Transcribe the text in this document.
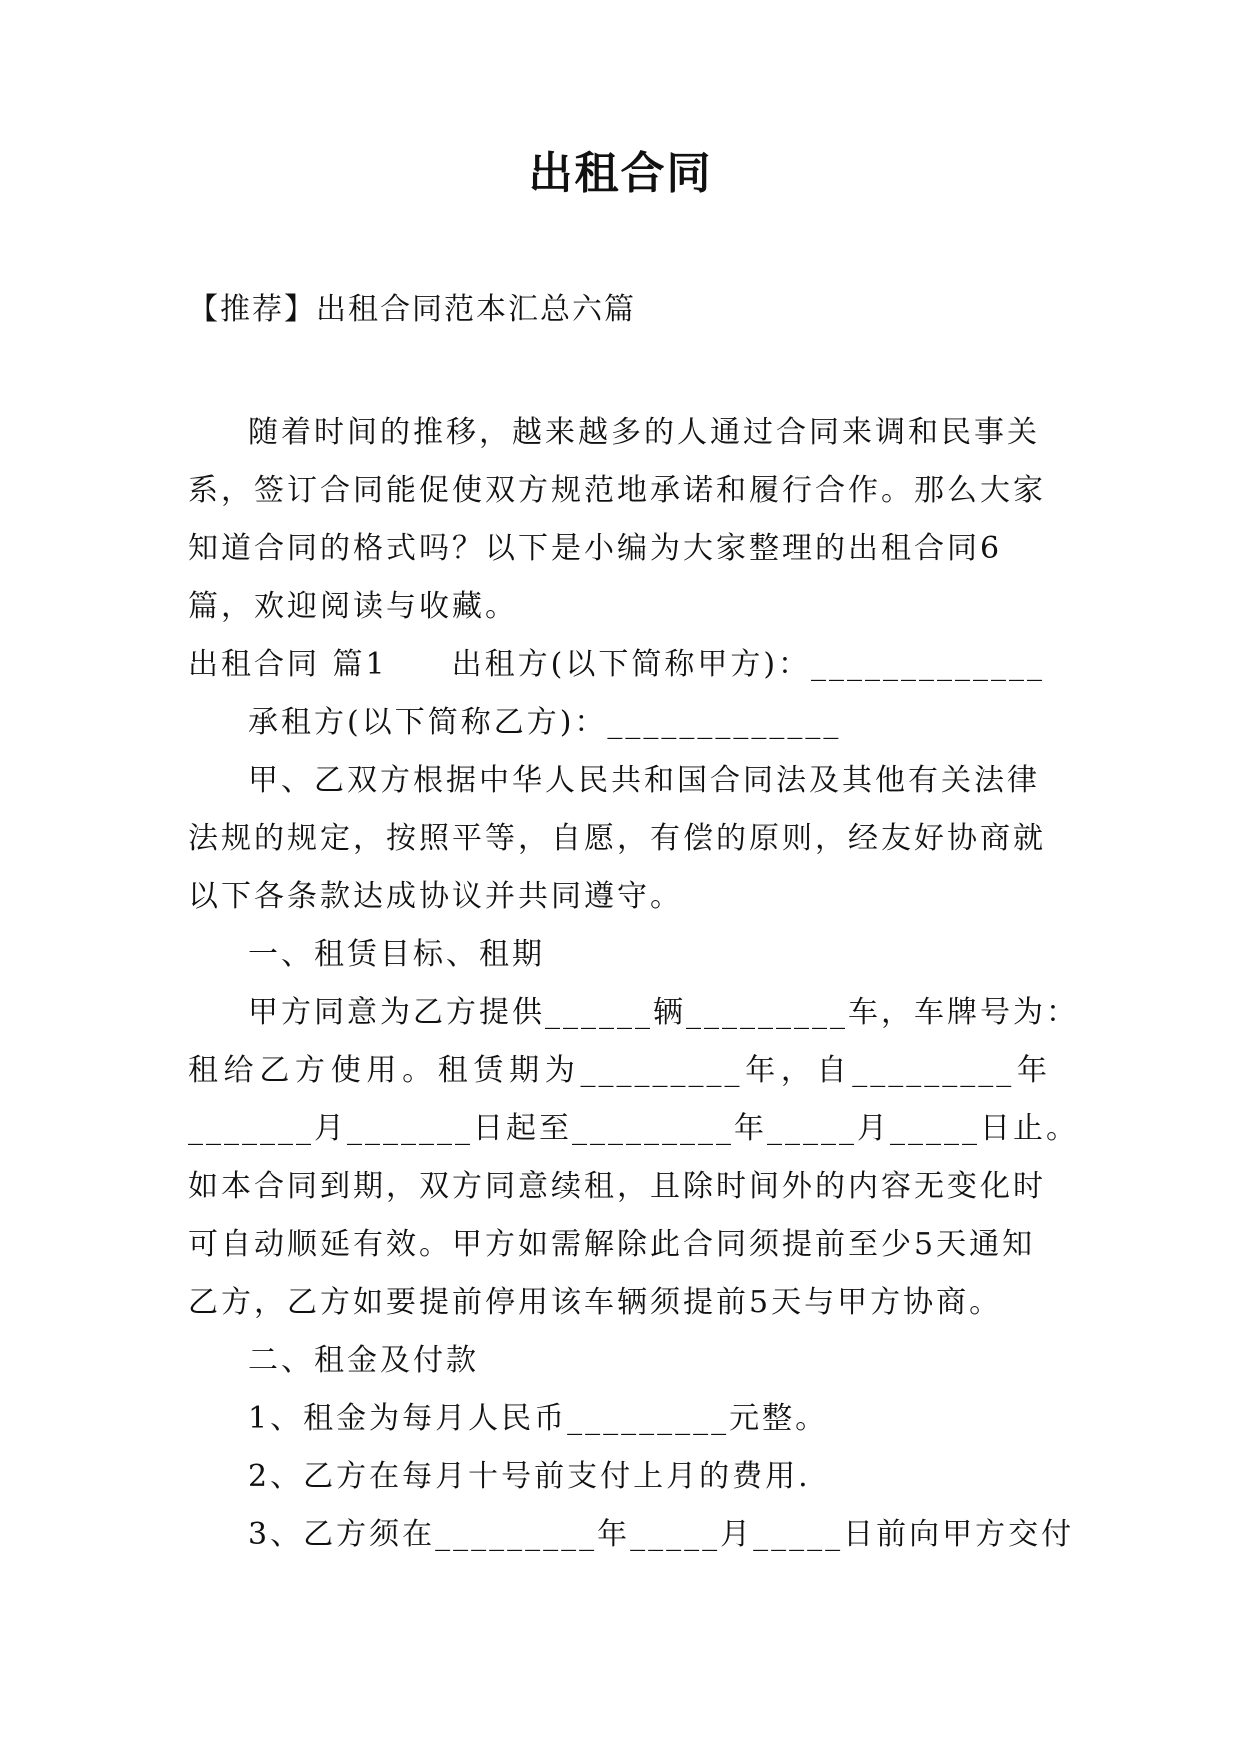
出租合同
【推荐】出租合同范本汇总六篇

随着时间的推移，越来越多的人通过合同来调和民事关系，签订合同能促使双方规范地承诺和履行合作。那么大家知道合同的格式吗？以下是小编为大家整理的出租合同6篇，欢迎阅读与收藏。

出租合同 篇1 出租方(以下简称甲方)：_____________

承租方(以下简称乙方)：_____________

甲、乙双方根据中华人民共和国合同法及其他有关法律法规的规定，按照平等，自愿，有偿的原则，经友好协商就以下各条款达成协议并共同遵守。

一、租赁目标、租期

甲方同意为乙方提供______辆_________车，车牌号为：

租给乙方使用。租赁期为_________年，自_________年

_______月_______日起至_________年_____月_____日止。

如本合同到期，双方同意续租，且除时间外的内容无变化时可自动顺延有效。甲方如需解除此合同须提前至少5天通知乙方，乙方如要提前停用该车辆须提前5天与甲方协商。

二、租金及付款

1、租金为每月人民币_________元整。

2、乙方在每月十号前支付上月的费用.

3、乙方须在_________年_____月_____日前向甲方交付
